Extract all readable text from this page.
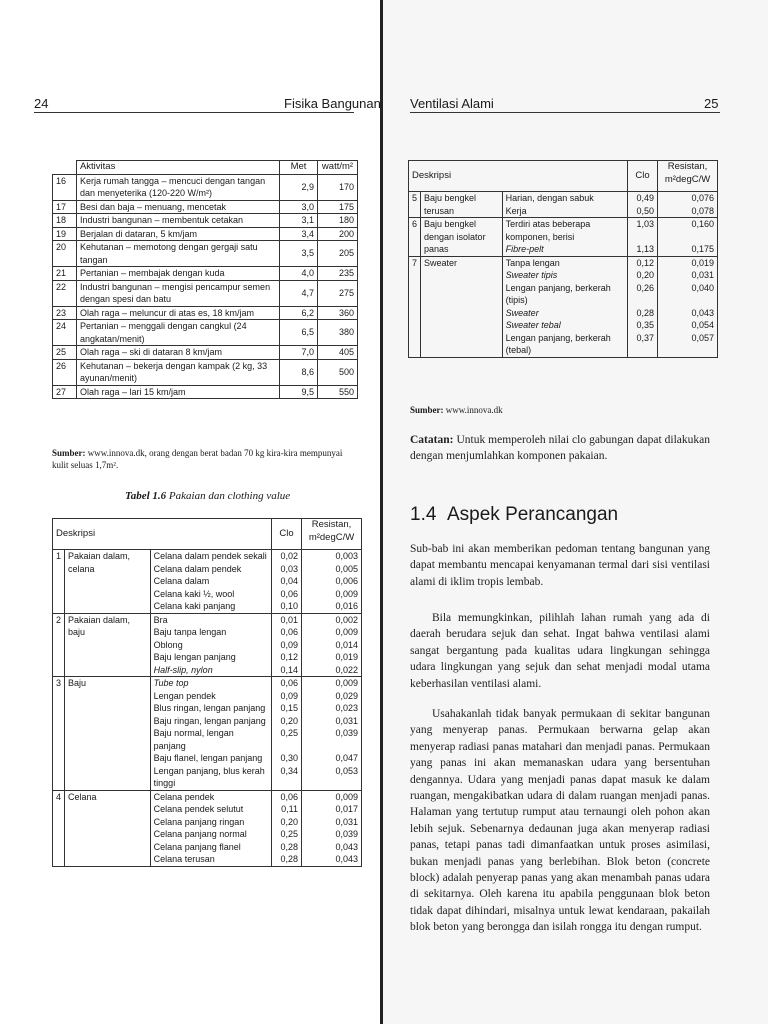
24	Fisika Bangunan
	Aktivitas	Met	watt/m²
16	Kerja rumah tangga – mencuci dengan tangan dan menyeterika (120-220 W/m²)	2,9	170
17	Besi dan baja – menuang, mencetak	3,0	175
18	Industri bangunan – membentuk cetakan	3,1	180
19	Berjalan di dataran, 5 km/jam	3,4	200
20	Kehutanan – memotong dengan gergaji satu tangan	3,5	205
21	Pertanian – membajak dengan kuda	4,0	235
22	Industri bangunan – mengisi pencampur semen dengan spesi dan batu	4,7	275
23	Olah raga – meluncur di atas es, 18 km/jam	6,2	360
24	Pertanian – menggali dengan cangkul (24 angkatan/menit)	6,5	380
25	Olah raga – ski di dataran 8 km/jam	7,0	405
26	Kehutanan – bekerja dengan kampak (2 kg, 33 ayunan/menit)	8,6	500
27	Olah raga – lari 15 km/jam	9,5	550
Sumber: www.innova.dk, orang dengan berat badan 70 kg kira-kira mempunyai kulit seluas 1,7m².
Tabel 1.6 Pakaian dan clothing value
Deskripsi			Clo	Resistan, m²degC/W
1	Pakaian dalam, celana	Celana dalam pendek sekali	0,02	0,003
		Celana dalam pendek	0,03	0,005
		Celana dalam	0,04	0,006
		Celana kaki ½, wool	0,06	0,009
		Celana kaki panjang	0,10	0,016
2	Pakaian dalam, baju	Bra	0,01	0,002
		Baju tanpa lengan	0,06	0,009
		Oblong	0,09	0,014
		Baju lengan panjang	0,12	0,019
		Half-slip, nylon	0,14	0,022
3	Baju	Tube top	0,06	0,009
		Lengan pendek	0,09	0,029
		Blus ringan, lengan panjang	0,15	0,023
		Baju ringan, lengan panjang	0,20	0,031
		Baju normal, lengan panjang	0,25	0,039
		Baju flanel, lengan panjang	0,30	0,047
		Lengan panjang, blus kerah tinggi	0,34	0,053
4	Celana	Celana pendek	0,06	0,009
		Celana pendek selutut	0,11	0,017
		Celana panjang ringan	0,20	0,031
		Celana panjang normal	0,25	0,039
		Celana panjang flanel	0,28	0,043
		Celana terusan	0,28	0,043
Ventilasi Alami	25
Deskripsi			Clo	Resistan, m²degC/W
5	Baju bengkel terusan	Harian, dengan sabuk	0,49	0,076
		Kerja	0,50	0,078
6	Baju bengkel dengan isolator panas	Terdiri atas beberapa komponen, berisi	1,03	0,160
		Fibre-pelt	1,13	0,175
7	Sweater	Tanpa lengan	0,12	0,019
		Sweater tipis	0,20	0,031
		Lengan panjang, berkerah (tipis)	0,26	0,040
		Sweater	0,28	0,043
		Sweater tebal	0,35	0,054
		Lengan panjang, berkerah (tebal)	0,37	0,057
Sumber: www.innova.dk
Catatan: Untuk memperoleh nilai clo gabungan dapat dilakukan dengan menjumlahkan komponen pakaian.
1.4 Aspek Perancangan
Sub-bab ini akan memberikan pedoman tentang bangunan yang dapat membantu mencapai kenyamanan termal dari sisi ventilasi alami di iklim tropis lembab.
Bila memungkinkan, pilihlah lahan rumah yang ada di daerah berudara sejuk dan sehat. Ingat bahwa ventilasi alami sangat bergantung pada kualitas udara lingkungan sehingga udara lingkungan yang sejuk dan sehat menjadi modal utama keberhasilan ventilasi alami.
Usahakanlah tidak banyak permukaan di sekitar bangunan yang menyerap panas. Permukaan berwarna gelap akan menyerap radiasi panas matahari dan menjadi panas. Permukaan yang panas ini akan memanaskan udara yang bersentuhan dengannya. Udara yang menjadi panas dapat masuk ke dalam ruangan, mengakibatkan udara di dalam ruangan menjadi panas. Halaman yang tertutup rumput atau ternaungi oleh pohon akan lebih sejuk. Sebenarnya dedaunan juga akan menyerap radiasi panas, tetapi panas tadi dimanfaatkan untuk proses asimilasi, bukan menjadi panas yang berlebihan. Blok beton (concrete block) adalah penyerap panas yang akan menambah panas udara di sekitarnya. Oleh karena itu apabila penggunaan blok beton tidak dapat dihindari, misalnya untuk lewat kendaraan, pakailah blok beton yang berongga dan isilah rongga itu dengan rumput.
